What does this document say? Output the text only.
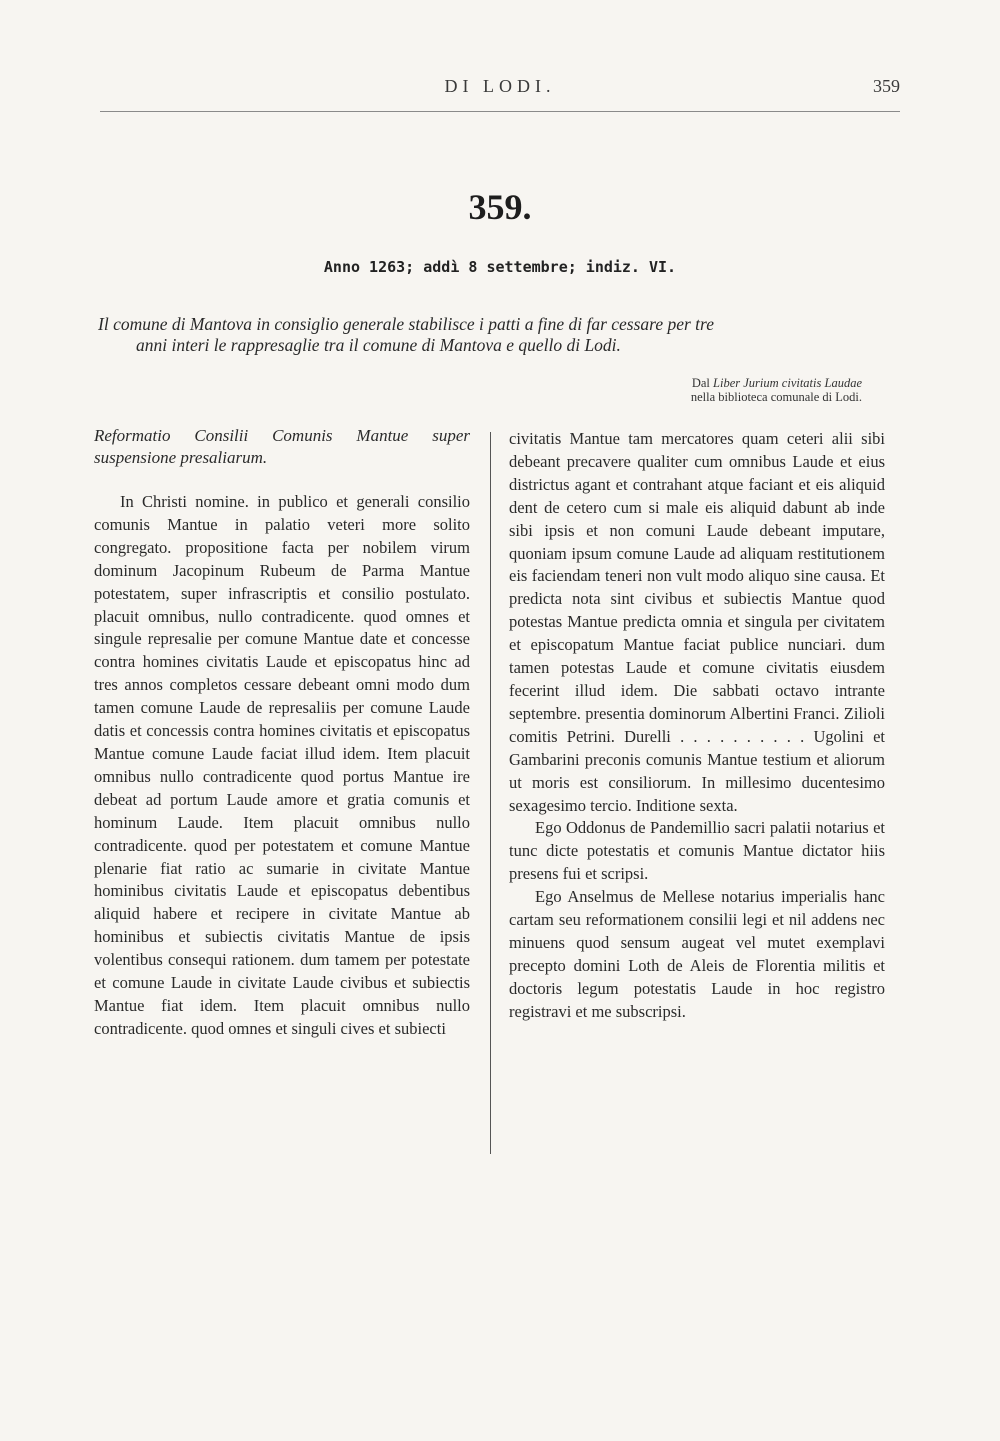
DI LODI.	359
359.
Anno 1263; addì 8 settembre; indiz. VI.
Il comune di Mantova in consiglio generale stabilisce i patti a fine di far cessare per tre
anni interi le rappresaglie tra il comune di Mantova e quello di Lodi.
Dal Liber Jurium civitatis Laudae
nella biblioteca comunale di Lodi.

Reformatio Consilii Comunis Mantue super suspensione presaliarum.

In Christi nomine. in publico et generali consilio comunis Mantue in palatio veteri more solito congregato. propositione facta per nobilem virum dominum Jacopinum Rubeum de Parma Mantue potestatem, super infrascriptis et consilio postulato. placuit omnibus, nullo contradicente. quod omnes et singule represalie per comune Mantue date et concesse contra homines civitatis Laude et episcopatus hinc ad tres annos completos cessare debeant omni modo dum tamen comune Laude de represaliis per comune Laude datis et concessis contra homines civitatis et episcopatus Mantue comune Laude faciat illud idem. Item placuit omnibus nullo contradicente quod portus Mantue ire debeat ad portum Laude amore et gratia comunis et hominum Laude. Item placuit omnibus nullo contradicente. quod per potestatem et comune Mantue plenarie fiat ratio ac sumarie in civitate Mantue hominibus civitatis Laude et episcopatus debentibus aliquid habere et recipere in civitate Mantue ab hominibus et subiectis civitatis Mantue de ipsis volentibus consequi rationem. dum tamem per potestate et comune Laude in civitate Laude civibus et subiectis Mantue fiat idem. Item placuit omnibus nullo contradicente. quod omnes et singuli cives et subiecti

civitatis Mantue tam mercatores quam ceteri alii sibi debeant precavere qualiter cum omnibus Laude et eius districtus agant et contrahant atque faciant et eis aliquid dent de cetero cum si male eis aliquid dabunt ab inde sibi ipsis et non comuni Laude debeant imputare, quoniam ipsum comune Laude ad aliquam restitutionem eis faciendam teneri non vult modo aliquo sine causa. Et predicta nota sint civibus et subiectis Mantue quod potestas Mantue predicta omnia et singula per civitatem et episcopatum Mantue faciat publice nunciari. dum tamen potestas Laude et comune civitatis eiusdem fecerint illud idem. Die sabbati octavo intrante septembre. presentia dominorum Albertini Franci. Zilioli comitis Petrini. Durelli . . . . . . . . . . Ugolini et Gambarini preconis comunis Mantue testium et aliorum ut moris est consiliorum. In millesimo ducentesimo sexagesimo tercio. Inditione sexta.

Ego Oddonus de Pandemillio sacri palatii notarius et tunc dicte potestatis et comunis Mantue dictator hiis presens fui et scripsi.

Ego Anselmus de Mellese notarius imperialis hanc cartam seu reformationem consilii legi et nil addens nec minuens quod sensum augeat vel mutet exemplavi precepto domini Loth de Aleis de Florentia militis et doctoris legum potestatis Laude in hoc registro registravi et me subscripsi.
